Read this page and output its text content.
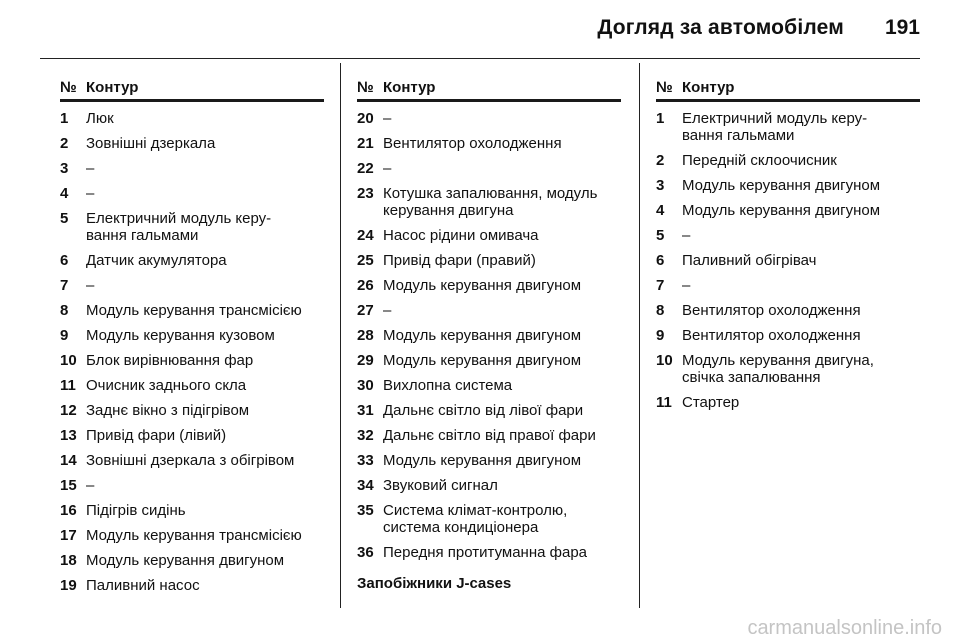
Догляд за автомобілем 191
№ Контур
1	Люк
2	Зовнішні дзеркала
3	–
4	–
5	Електричний модуль керу-
вання гальмами
6	Датчик акумулятора
7	–
8	Модуль керування трансмісією
9	Модуль керування кузовом
10 Блок вирівнювання фар
11 Очисник заднього скла
12 Заднє вікно з підігрівом
13 Привід фари (лівий)
14 Зовнішні дзеркала з обігрівом
15 –
16 Підігрів сидінь
17 Модуль керування трансмісією
18 Модуль керування двигуном
19 Паливний насос
№ Контур
20 –
21 Вентилятор охолодження
22 –
23 Котушка запалювання, модуль
керування двигуна
24 Насос рідини омивача
25 Привід фари (правий)
26 Модуль керування двигуном
27 –
28 Модуль керування двигуном
29 Модуль керування двигуном
30 Вихлопна система
31 Дальнє світло від лівої фари
32 Дальнє світло від правої фари
33 Модуль керування двигуном
34 Звуковий сигнал
35 Система клімат-контролю,
система кондиціонера
36 Передня протитуманна фара
Запобіжники J-cases
№ Контур
1	Електричний модуль керу-
вання гальмами
2	Передній склоочисник
3	Модуль керування двигуном
4	Модуль керування двигуном
5	–
6	Паливний обігрівач
7	–
8	Вентилятор охолодження
9	Вентилятор охолодження
10 Модуль керування двигуна,
свічка запалювання
11 Стартер
carmanualsonline.info
